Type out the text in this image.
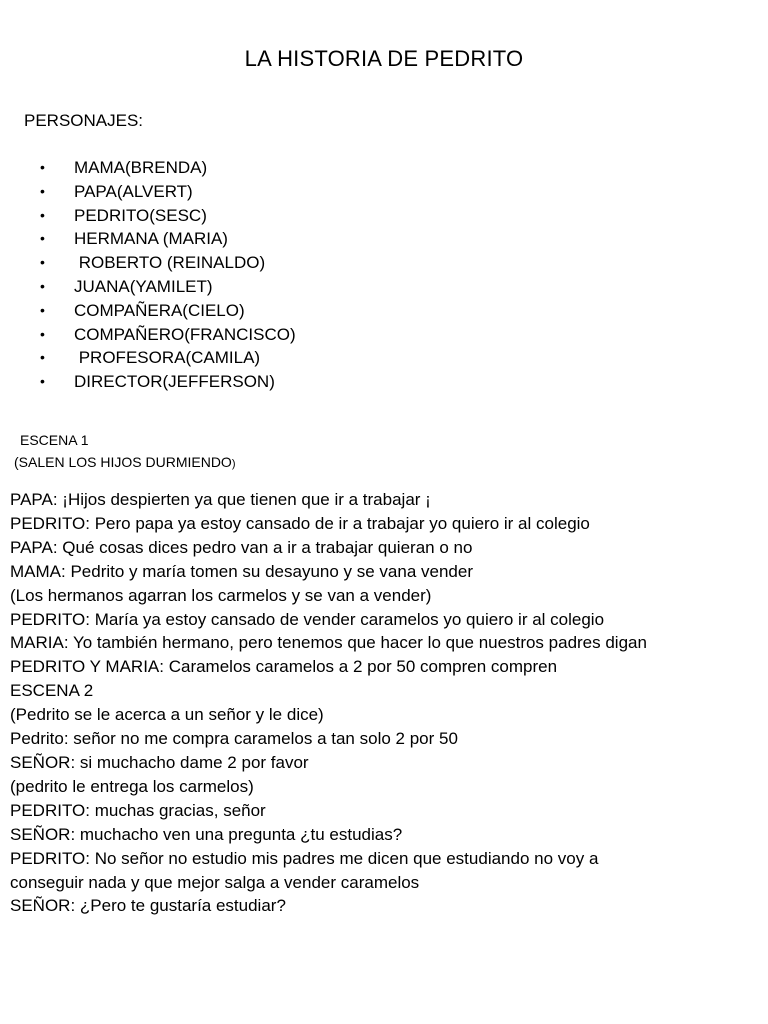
LA HISTORIA DE PEDRITO
PERSONAJES:
• MAMA(BRENDA)
• PAPA(ALVERT)
• PEDRITO(SESC)
• HERMANA (MARIA)
• ROBERTO (REINALDO)
• JUANA(YAMILET)
• COMPAÑERA(CIELO)
• COMPAÑERO(FRANCISCO)
• PROFESORA(CAMILA)
• DIRECTOR(JEFFERSON)
ESCENA 1
(SALEN LOS HIJOS DURMIENDO)
PAPA: ¡Hijos despierten ya que tienen que ir a trabajar ¡
PEDRITO: Pero papa ya estoy cansado de ir a trabajar yo quiero ir al colegio
PAPA: Qué cosas dices pedro van a ir a trabajar quieran o no
MAMA: Pedrito y maría tomen su desayuno y se vana vender
(Los hermanos agarran los carmelos y se van a vender)
PEDRITO: María ya estoy cansado de vender caramelos yo quiero ir al colegio
MARIA: Yo también hermano, pero tenemos que hacer lo que nuestros padres digan
PEDRITO Y MARIA: Caramelos caramelos a 2 por 50 compren compren
ESCENA 2
(Pedrito se le acerca a un señor y le dice)
Pedrito: señor no me compra caramelos a tan solo 2 por 50
SEÑOR: si muchacho dame 2 por favor
(pedrito le entrega los carmelos)
PEDRITO: muchas gracias, señor
SEÑOR: muchacho ven una pregunta ¿tu estudias?
PEDRITO: No señor no estudio mis padres me dicen que estudiando no voy a
conseguir nada y que mejor salga a vender caramelos
SEÑOR: ¿Pero te gustaría estudiar?
